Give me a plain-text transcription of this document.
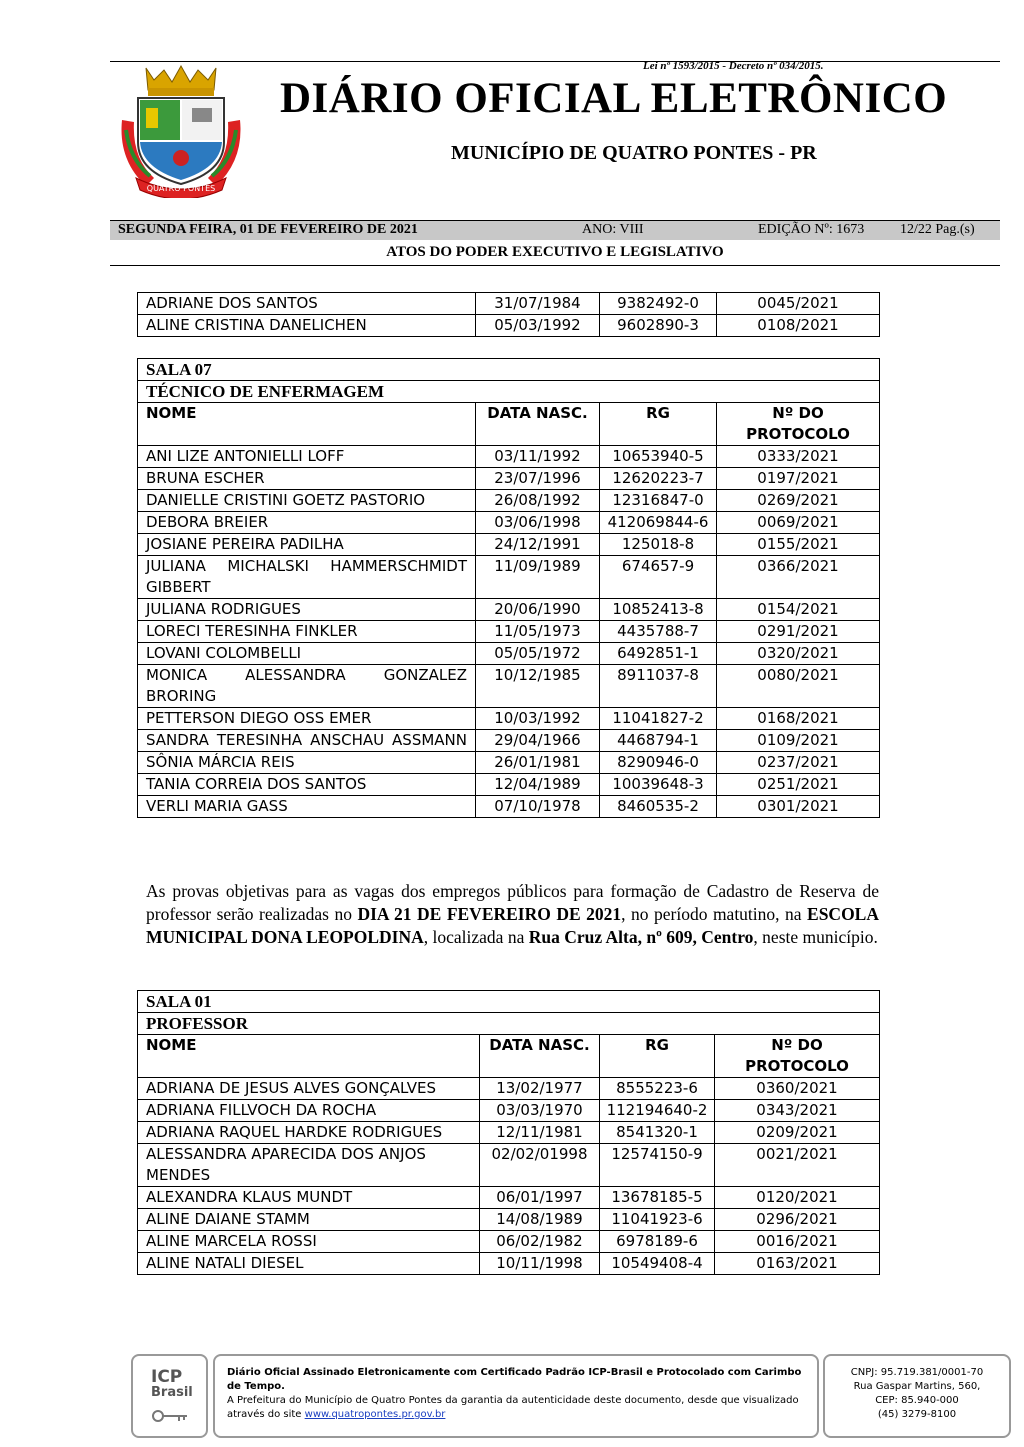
Lei nº 1593/2015 - Decreto nº 034/2015.
QUATRO PONTES
DIÁRIO OFICIAL ELETRÔNICO
MUNICÍPIO DE QUATRO PONTES - PR
SEGUNDA FEIRA, 01 DE FEVEREIRO DE 2021	ANO: VIII	EDIÇÃO Nº: 1673	12/22 Pag.(s)
ATOS DO PODER EXECUTIVO E LEGISLATIVO
ADRIANE DOS SANTOS	31/07/1984	9382492-0	0045/2021
ALINE CRISTINA DANELICHEN	05/03/1992	9602890-3	0108/2021
SALA 07			
TÉCNICO DE ENFERMAGEM			
NOME	DATA NASC.	RG	Nº DO PROTOCOLO
ANI LIZE ANTONIELLI LOFF	03/11/1992	10653940-5	0333/2021
BRUNA ESCHER	23/07/1996	12620223-7	0197/2021
DANIELLE CRISTINI GOETZ PASTORIO	26/08/1992	12316847-0	0269/2021
DEBORA BREIER	03/06/1998	412069844-6	0069/2021
JOSIANE PEREIRA PADILHA	24/12/1991	125018-8	0155/2021
JULIANA MICHALSKI HAMMERSCHMIDT GIBBERT	11/09/1989	674657-9	0366/2021
JULIANA RODRIGUES	20/06/1990	10852413-8	0154/2021
LORECI TERESINHA FINKLER	11/05/1973	4435788-7	0291/2021
LOVANI COLOMBELLI	05/05/1972	6492851-1	0320/2021
MONICA ALESSANDRA GONZALEZ BRORING	10/12/1985	8911037-8	0080/2021
PETTERSON DIEGO OSS EMER	10/03/1992	11041827-2	0168/2021
SANDRA TERESINHA ANSCHAU ASSMANN	29/04/1966	4468794-1	0109/2021
SÔNIA MÁRCIA REIS	26/01/1981	8290946-0	0237/2021
TANIA CORREIA DOS SANTOS	12/04/1989	10039648-3	0251/2021
VERLI MARIA GASS	07/10/1978	8460535-2	0301/2021
As provas objetivas para as vagas dos empregos públicos para formação de Cadastro de Reserva de professor serão realizadas no DIA 21 DE FEVEREIRO DE 2021, no período matutino, na ESCOLA MUNICIPAL DONA LEOPOLDINA, localizada na Rua Cruz Alta, nº 609, Centro, neste município.
SALA 01			
PROFESSOR			
NOME	DATA NASC.	RG	Nº DO PROTOCOLO
ADRIANA DE JESUS ALVES GONÇALVES	13/02/1977	8555223-6	0360/2021
ADRIANA FILLVOCH DA ROCHA	03/03/1970	112194640-2	0343/2021
ADRIANA RAQUEL HARDKE RODRIGUES	12/11/1981	8541320-1	0209/2021
ALESSANDRA APARECIDA DOS ANJOS MENDES	02/02/01998	12574150-9	0021/2021
ALEXANDRA KLAUS MUNDT	06/01/1997	13678185-5	0120/2021
ALINE DAIANE STAMM	14/08/1989	11041923-6	0296/2021
ALINE MARCELA ROSSI	06/02/1982	6978189-6	0016/2021
ALINE NATALI DIESEL	10/11/1998	10549408-4	0163/2021
ICP
Brasil
Diário Oficial Assinado Eletronicamente com Certificado Padrão ICP-Brasil e Protocolado com Carimbo de Tempo.
A Prefeitura do Município de Quatro Pontes da garantia da autenticidade deste documento, desde que visualizado
através do site www.quatropontes.pr.gov.br
CNPJ: 95.719.381/0001-70
Rua Gaspar Martins, 560,
CEP: 85.940-000
(45) 3279-8100
